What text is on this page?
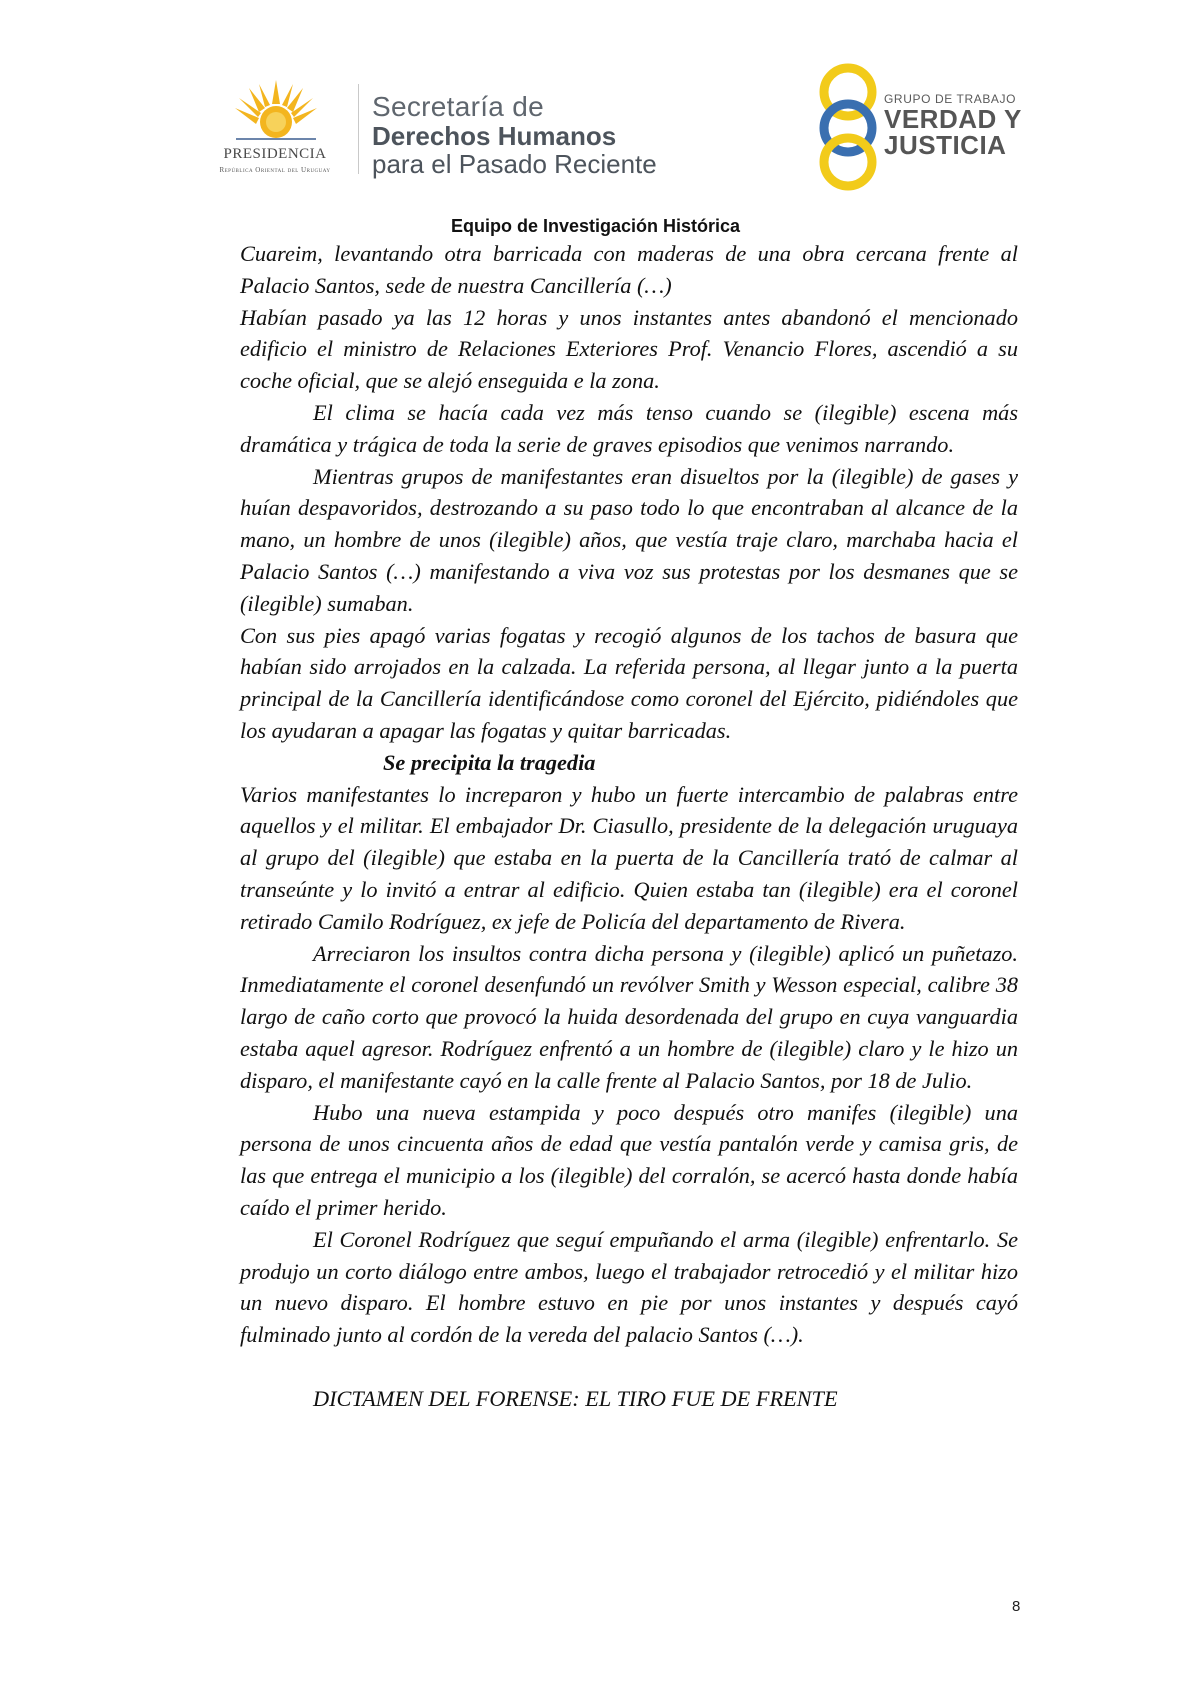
PRESIDENCIA
República Oriental del Uruguay
Secretaría de
Derechos Humanos
para el Pasado Reciente
GRUPO DE TRABAJO
VERDAD Y
JUSTICIA
Equipo de Investigación Histórica

Cuareim, levantando otra barricada con maderas de una obra cercana frente al Palacio Santos, sede de nuestra Cancillería (…)

Habían pasado ya las 12 horas y unos instantes antes abandonó el mencionado edificio el ministro de Relaciones Exteriores Prof. Venancio Flores, ascendió a su coche oficial, que se alejó enseguida e la zona.

El clima se hacía cada vez más tenso cuando se (ilegible) escena más dramática y trágica de toda la serie de graves episodios que venimos narrando.

Mientras grupos de manifestantes eran disueltos por la (ilegible) de gases y huían despavoridos, destrozando a su paso todo lo que encontraban al alcance de la mano, un hombre de unos (ilegible) años, que vestía traje claro, marchaba hacia el Palacio Santos (…) manifestando a viva voz sus protestas por los desmanes que se (ilegible) sumaban.

Con sus pies apagó varias fogatas y recogió algunos de los tachos de basura que habían sido arrojados en la calzada. La referida persona, al llegar junto a la puerta principal de la Cancillería identificándose como coronel del Ejército, pidiéndoles que los ayudaran a apagar las fogatas y quitar barricadas.

Se precipita la tragedia

Varios manifestantes lo increparon y hubo un fuerte intercambio de palabras entre aquellos y el militar. El embajador Dr. Ciasullo, presidente de la delegación uruguaya al grupo del (ilegible) que estaba en la puerta de la Cancillería trató de calmar al transeúnte y lo invitó a entrar al edificio. Quien estaba tan (ilegible) era el coronel retirado Camilo Rodríguez, ex jefe de Policía del departamento de Rivera.

Arreciaron los insultos contra dicha persona y (ilegible) aplicó un puñetazo. Inmediatamente el coronel desenfundó un revólver Smith y Wesson especial, calibre 38 largo de caño corto que provocó la huida desordenada del grupo en cuya vanguardia estaba aquel agresor. Rodríguez enfrentó a un hombre de (ilegible) claro y le hizo un disparo, el manifestante cayó en la calle frente al Palacio Santos, por 18 de Julio.

Hubo una nueva estampida y poco después otro manifes (ilegible) una persona de unos cincuenta años de edad que vestía pantalón verde y camisa gris, de las que entrega el municipio a los (ilegible) del corralón, se acercó hasta donde había caído el primer herido.

El Coronel Rodríguez que seguí empuñando el arma (ilegible) enfrentarlo. Se produjo un corto diálogo entre ambos, luego el trabajador retrocedió y el militar hizo un nuevo disparo. El hombre estuvo en pie por unos instantes y después cayó fulminado junto al cordón de la vereda del palacio Santos (…).

DICTAMEN DEL FORENSE: EL TIRO FUE DE FRENTE

8
